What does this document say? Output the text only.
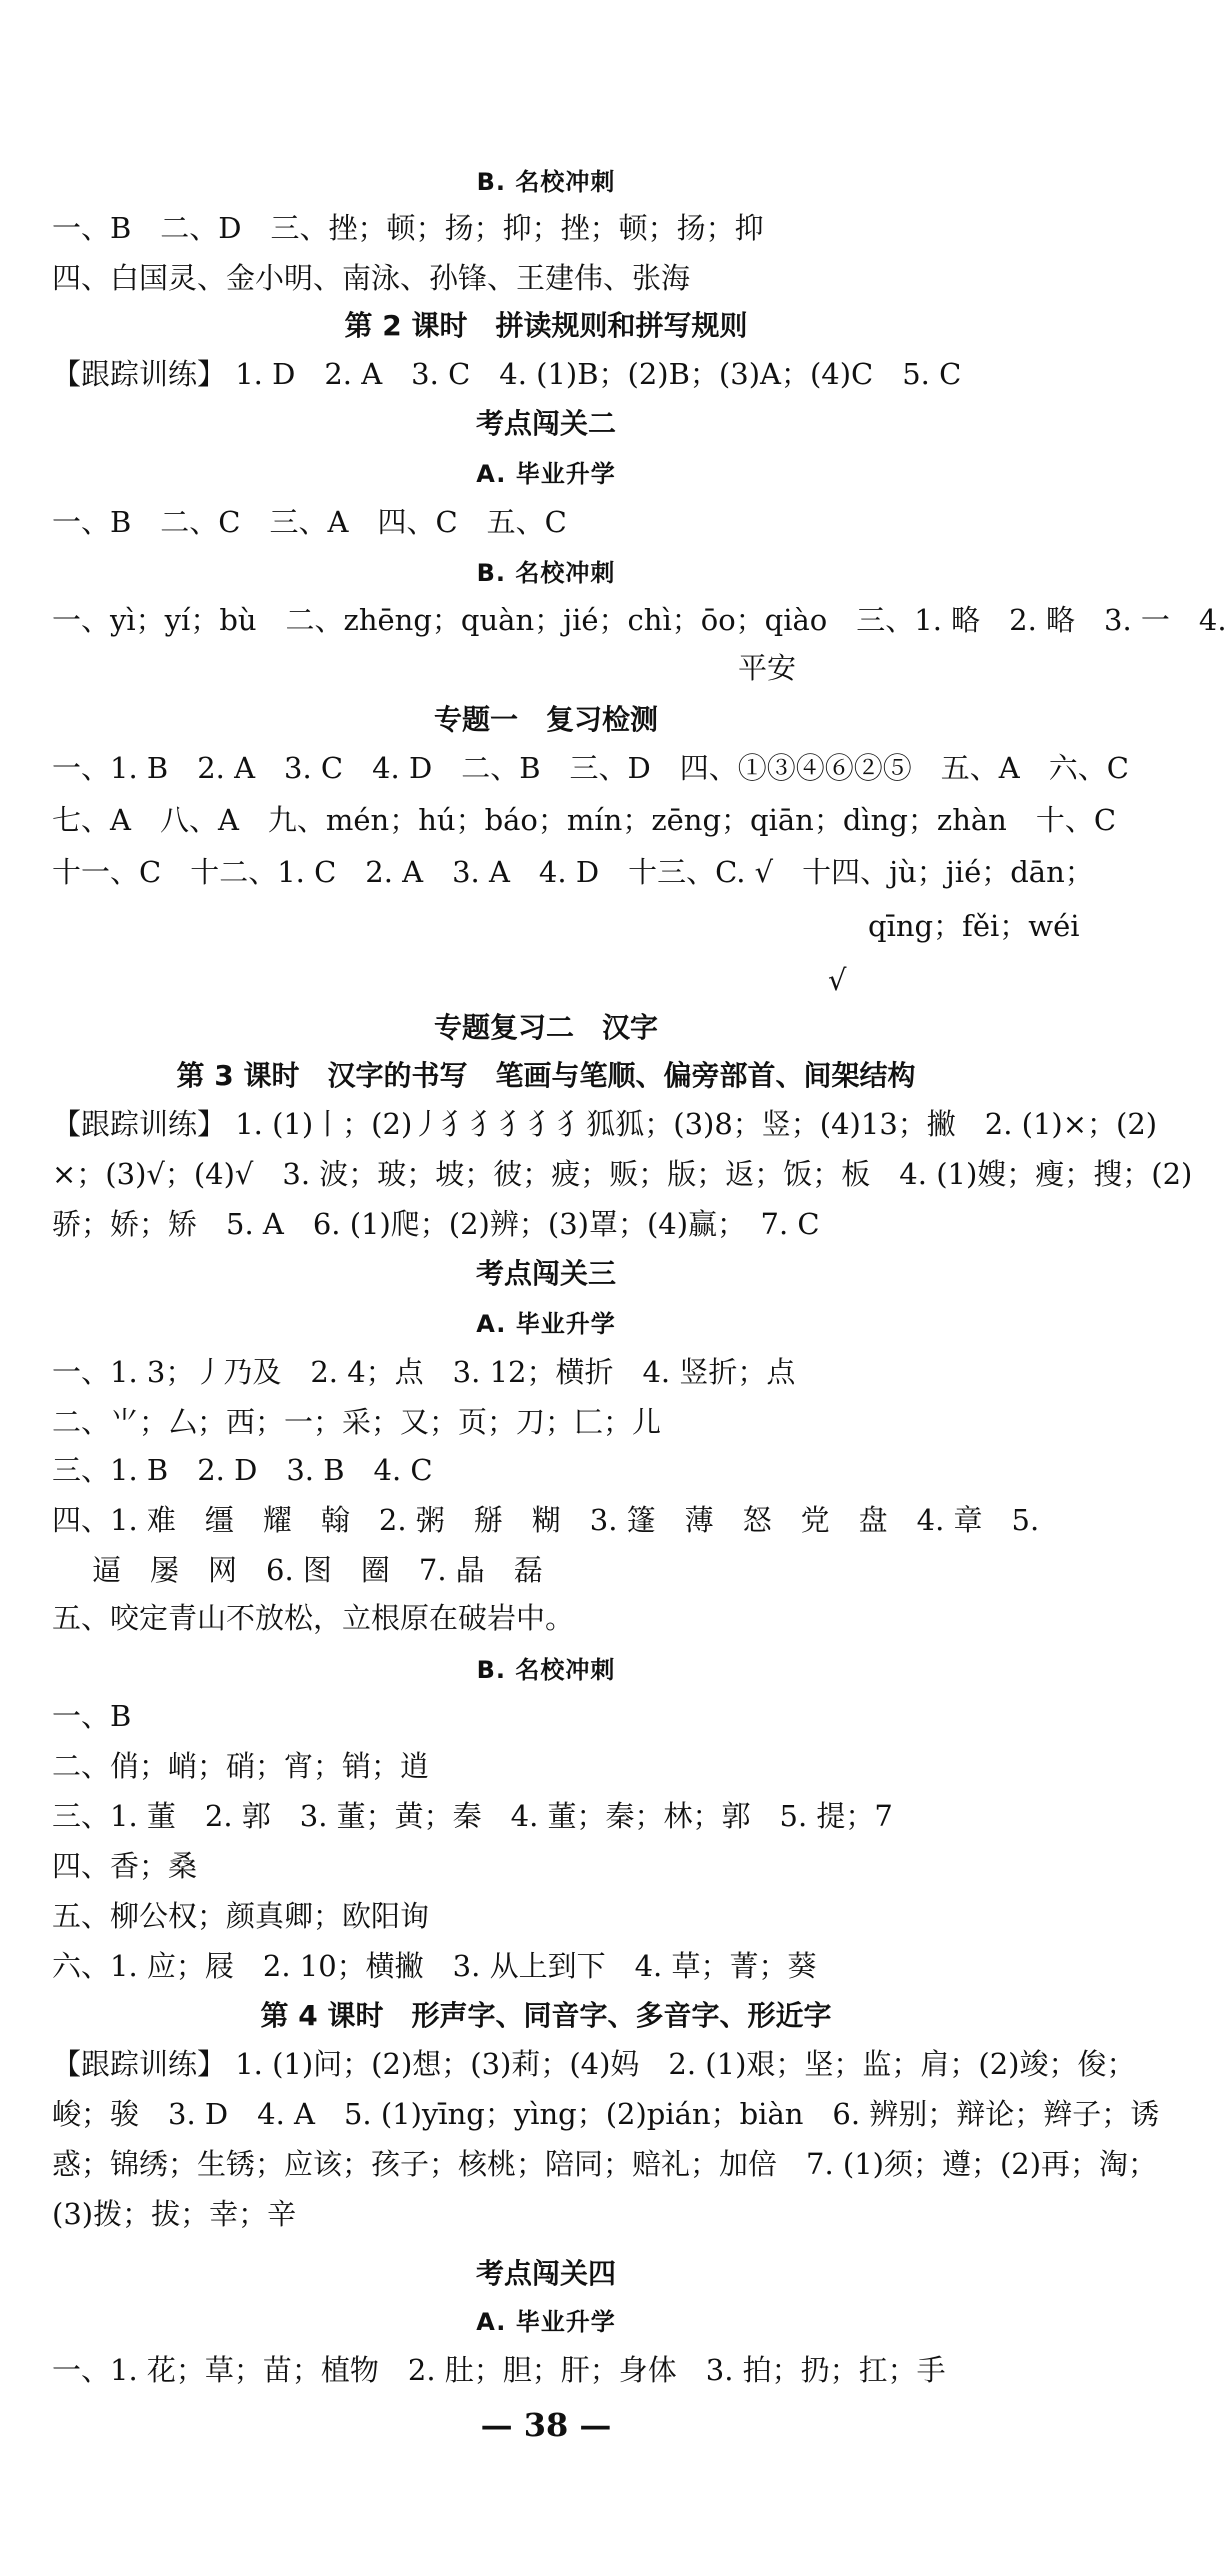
B. 名校冲刺
一、B　二、D　三、挫；顿；扬；抑；挫；顿；扬；抑
四、白国灵、金小明、南泳、孙锋、王建伟、张海
第 2 课时　拼读规则和拼写规则
【跟踪训练】 1. D　2. A　3. C　4. (1)B；(2)B；(3)A；(4)C　5. C
考点闯关二
A. 毕业升学
一、B　二、C　三、A　四、C　五、C
B. 名校冲刺
一、yì；yí；bù　二、zhēng；quàn；jié；chì；ōo；qiào　三、1. 略　2. 略　3. 一　4.
平安
专题一　复习检测
一、1. B　2. A　3. C　4. D　二、B　三、D　四、①③④⑥②⑤　五、A　六、C
七、A　八、A　九、mén；hú；báo；mín；zēng；qiān；dìng；zhàn　十、C
十一、C　十二、1. C　2. A　3. A　4. D　十三、C. √　十四、jù；jié；dān；
qīng；fěi；wéi
√
专题复习二　汉字
第 3 课时　汉字的书写　笔画与笔顺、偏旁部首、间架结构
【跟踪训练】 1. (1)丨；(2)丿犭犭犭犭犭狐狐；(3)8；竖；(4)13；撇　2. (1)×；(2)
×；(3)√；(4)√　3. 波；玻；坡；彼；疲；贩；版；返；饭；板　4. (1)嫂；瘦；搜；(2)
骄；娇；矫　5. A　6. (1)爬；(2)辨；(3)罩；(4)赢；　7. C
考点闯关三
A. 毕业升学
一、1. 3；丿乃及　2. 4；点　3. 12；横折　4. 竖折；点
二、⺌；厶；西；一；采；又；页；刀；匚；儿
三、1. B　2. D　3. B　4. C
四、1. 难　缰　耀　翰　2. 粥　掰　糊　3. 篷　薄　怒　党　盘　4. 章　5.
逼　屡　网　6. 图　圈　7. 晶　磊
五、咬定青山不放松，立根原在破岩中。
B. 名校冲刺
一、B
二、俏；峭；硝；宵；销；逍
三、1. 董　2. 郭　3. 董；黄；秦　4. 董；秦；林；郭　5. 提；7
四、香；桑
五、柳公权；颜真卿；欧阳询
六、1. 应；屐　2. 10；横撇　3. 从上到下　4. 草；菁；葵
第 4 课时　形声字、同音字、多音字、形近字
【跟踪训练】 1. (1)问；(2)想；(3)莉；(4)妈　2. (1)艰；坚；监；肩；(2)竣；俊；
峻；骏　3. D　4. A　5. (1)yīng；yìng；(2)pián；biàn　6. 辨别；辩论；辫子；诱
惑；锦绣；生锈；应该；孩子；核桃；陪同；赔礼；加倍　7. (1)须；遵；(2)再；淘；
(3)拨；拔；幸；辛
考点闯关四
A. 毕业升学
一、1. 花；草；苗；植物　2. 肚；胆；肝；身体　3. 拍；扔；扛；手
— 38 —
